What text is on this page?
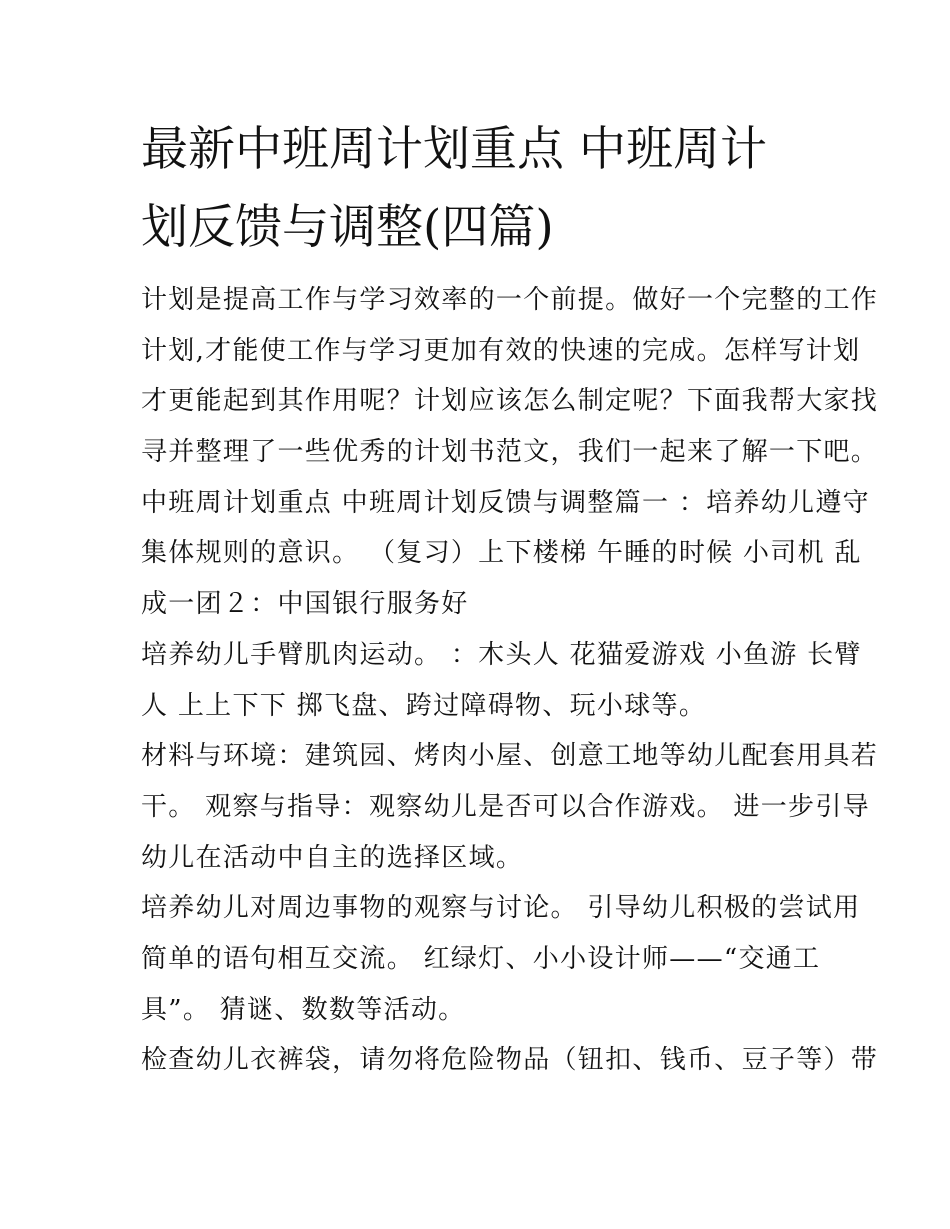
最新中班周计划重点 中班周计
划反馈与调整(四篇)
计划是提高工作与学习效率的一个前提。做好一个完整的工作
计划,才能使工作与学习更加有效的快速的完成。怎样写计划
才更能起到其作用呢？计划应该怎么制定呢？下面我帮大家找
寻并整理了一些优秀的计划书范文，我们一起来了解一下吧。
中班周计划重点 中班周计划反馈与调整篇一 ：培养幼儿遵守
集体规则的意识。 （复习）上下楼梯 午睡的时候 小司机 乱
成一团２：中国银行服务好
培养幼儿手臂肌肉运动。 ：木头人 花猫爱游戏 小鱼游 长臂
人 上上下下 掷飞盘、跨过障碍物、玩小球等。
材料与环境：建筑园、烤肉小屋、创意工地等幼儿配套用具若
干。 观察与指导：观察幼儿是否可以合作游戏。 进一步引导
幼儿在活动中自主的选择区域。
培养幼儿对周边事物的观察与讨论。 引导幼儿积极的尝试用
简单的语句相互交流。 红绿灯、小小设计师——“交通工
具”。 猜谜、数数等活动。
检查幼儿衣裤袋，请勿将危险物品（钮扣、钱币、豆子等）带
